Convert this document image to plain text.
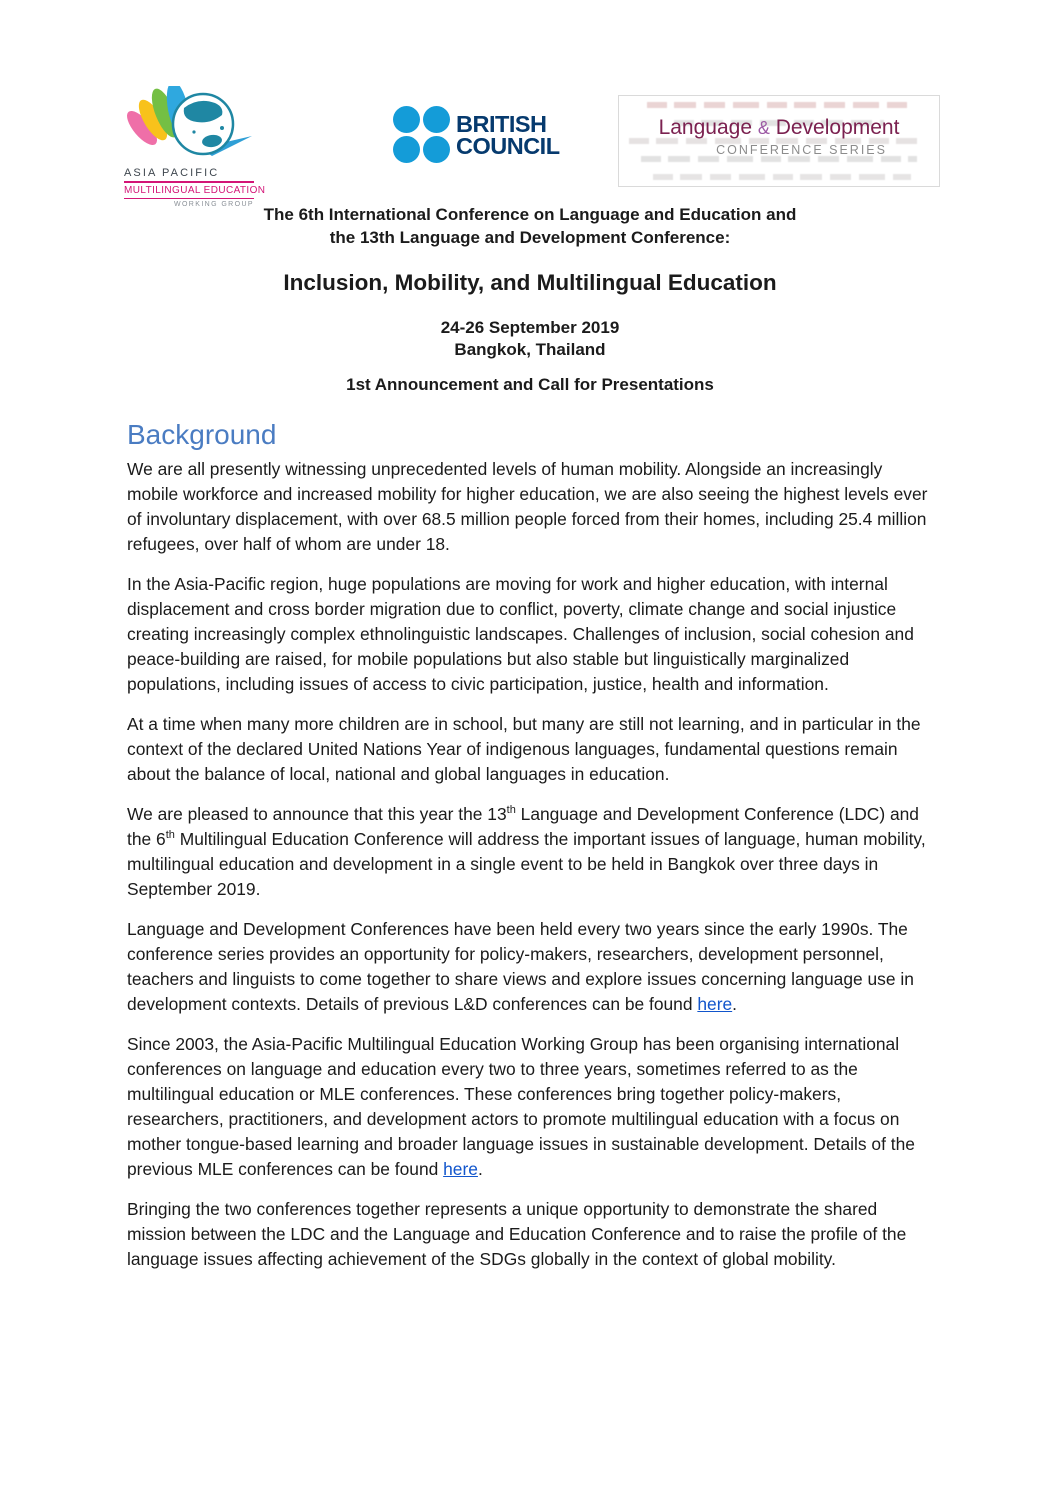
ASIA PACIFIC
MULTILINGUAL EDUCATION
WORKING GROUP
BRITISH
COUNCIL
Language & Development
CONFERENCE SERIES
The 6th International Conference on Language and Education and
the 13th Language and Development Conference:
Inclusion, Mobility, and Multilingual Education
24-26 September 2019
Bangkok, Thailand
1st Announcement and Call for Presentations
Background

We are all presently witnessing unprecedented levels of human mobility. Alongside an increasingly mobile workforce and increased mobility for higher education, we are also seeing the highest levels ever of involuntary displacement, with over 68.5 million people forced from their homes, including 25.4 million refugees, over half of whom are under 18.

In the Asia-Pacific region, huge populations are moving for work and higher education, with internal displacement and cross border migration due to conflict, poverty, climate change and social injustice creating increasingly complex ethnolinguistic landscapes. Challenges of inclusion, social cohesion and peace-building are raised, for mobile populations but also stable but linguistically marginalized populations, including issues of access to civic participation, justice, health and information.

At a time when many more children are in school, but many are still not learning, and in particular in the context of the declared United Nations Year of indigenous languages, fundamental questions remain about the balance of local, national and global languages in education.

We are pleased to announce that this year the 13th Language and Development Conference (LDC) and the 6th Multilingual Education Conference will address the important issues of language, human mobility, multilingual education and development in a single event to be held in Bangkok over three days in September 2019.

Language and Development Conferences have been held every two years since the early 1990s. The conference series provides an opportunity for policy-makers, researchers, development personnel, teachers and linguists to come together to share views and explore issues concerning language use in development contexts. Details of previous L&D conferences can be found here.

Since 2003, the Asia-Pacific Multilingual Education Working Group has been organising international conferences on language and education every two to three years, sometimes referred to as the multilingual education or MLE conferences. These conferences bring together policy-makers, researchers, practitioners, and development actors to promote multilingual education with a focus on mother tongue-based learning and broader language issues in sustainable development. Details of the previous MLE conferences can be found here.

Bringing the two conferences together represents a unique opportunity to demonstrate the shared mission between the LDC and the Language and Education Conference and to raise the profile of the language issues affecting achievement of the SDGs globally in the context of global mobility.
